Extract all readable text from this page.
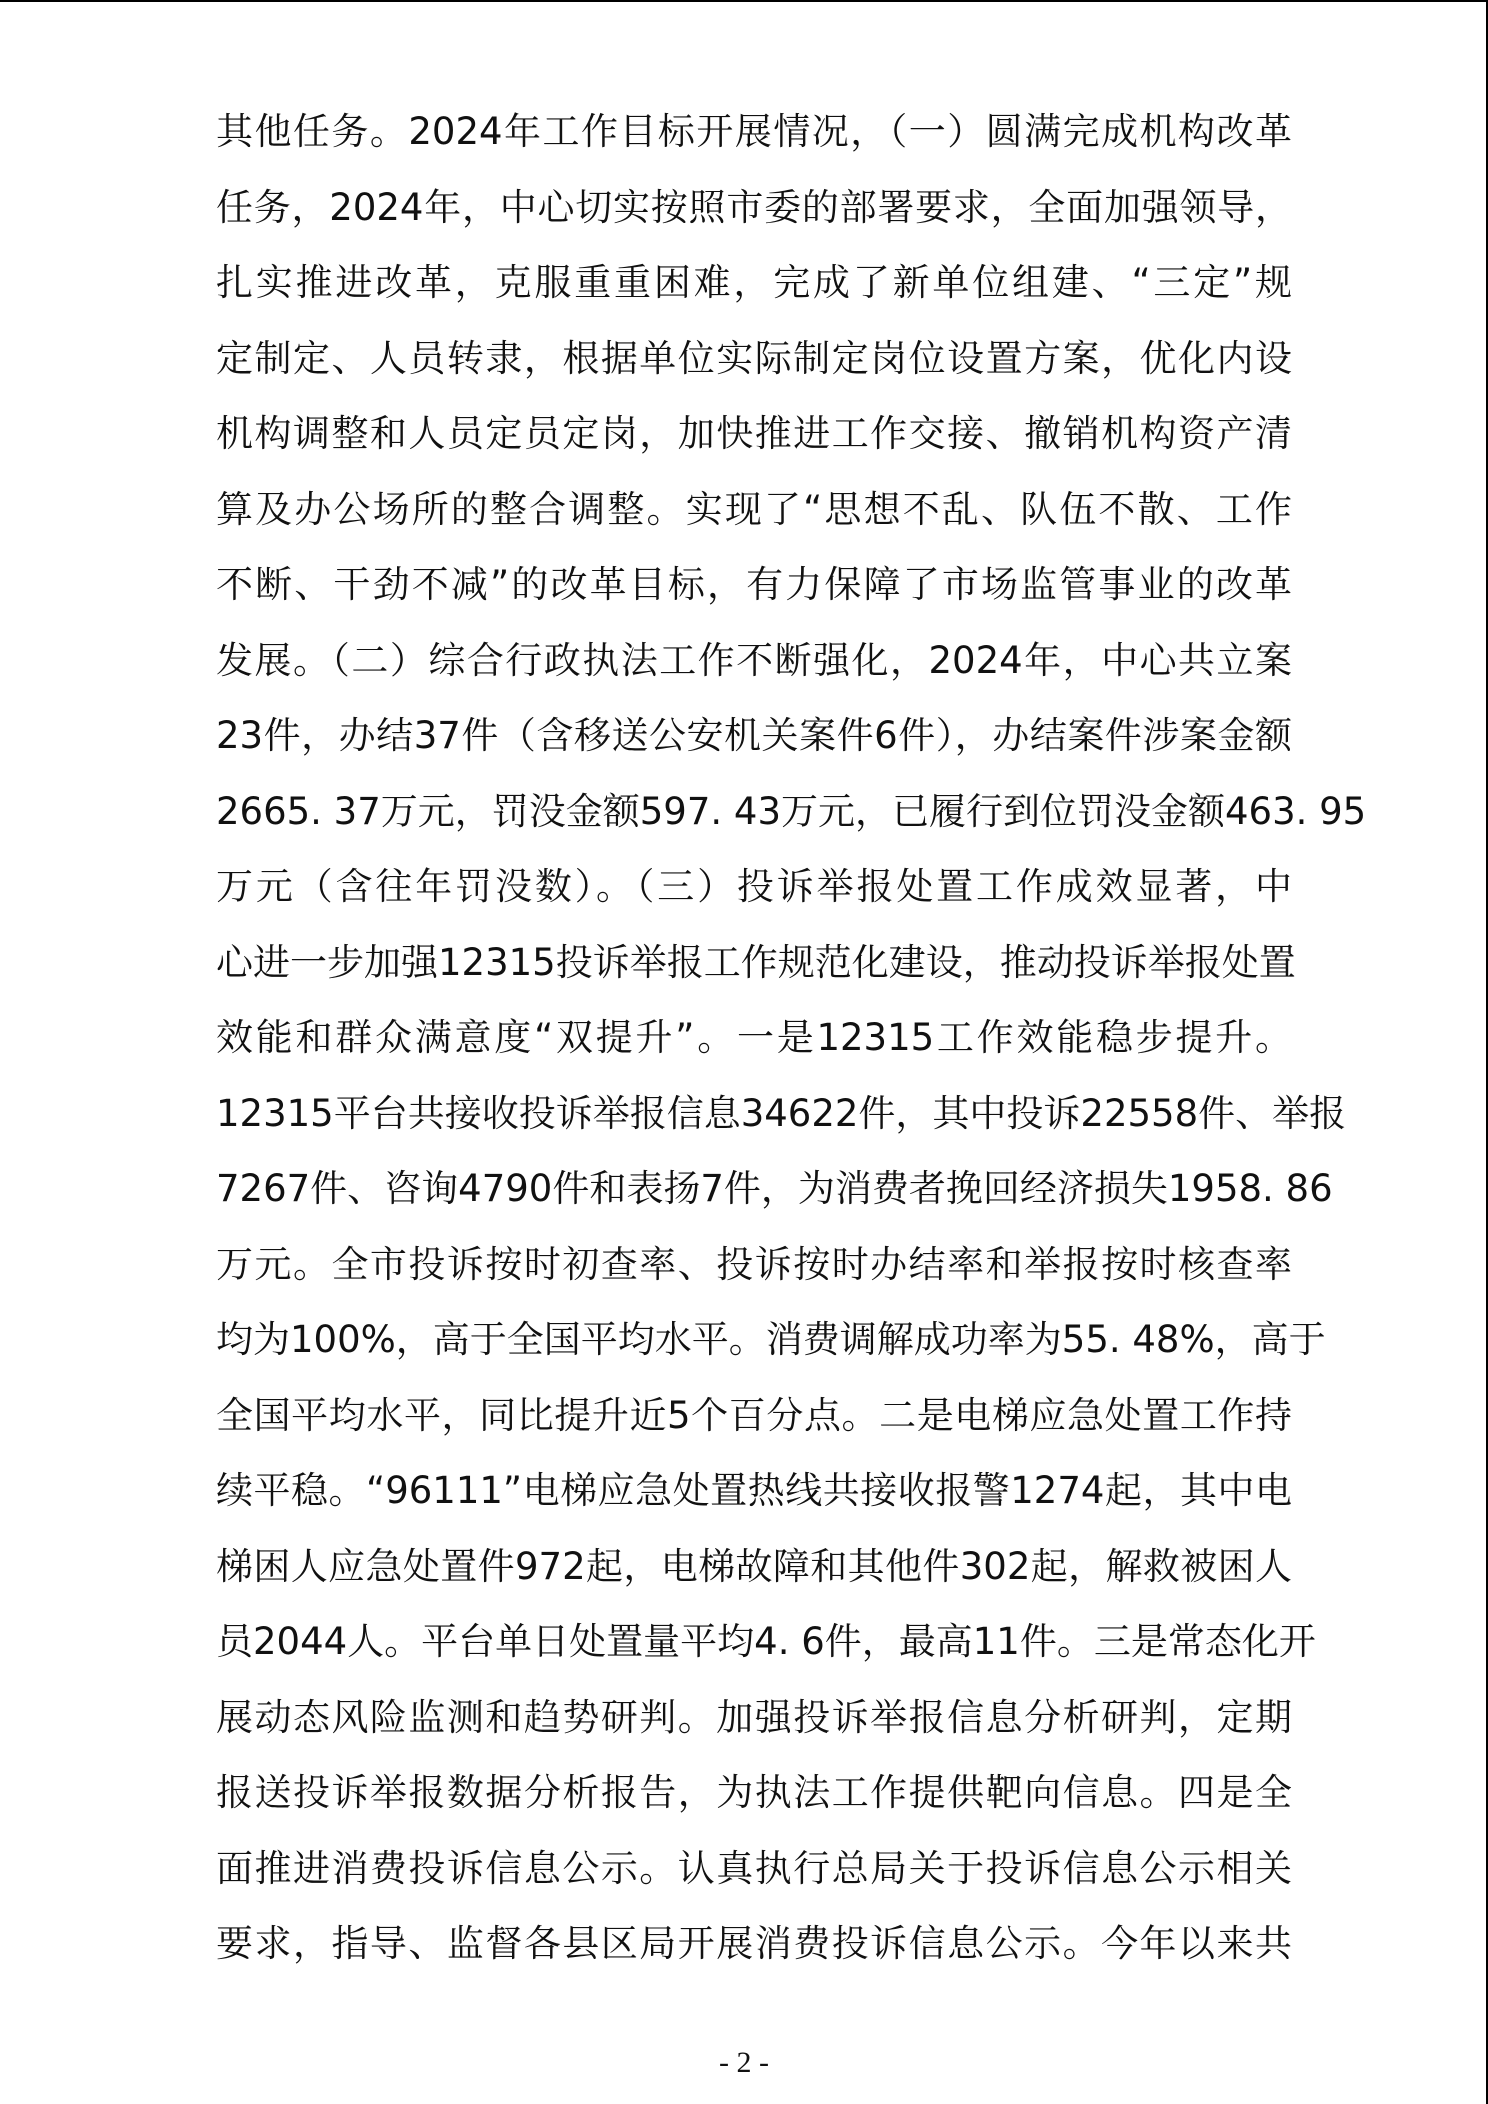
其他任务。2024年工作目标开展情况，（一）圆满完成机构改革
任务，2024年，中心切实按照市委的部署要求，全面加强领导，
扎实推进改革，克服重重困难，完成了新单位组建、“三定”规
定制定、人员转隶，根据单位实际制定岗位设置方案，优化内设
机构调整和人员定员定岗，加快推进工作交接、撤销机构资产清
算及办公场所的整合调整。实现了“思想不乱、队伍不散、工作
不断、干劲不减”的改革目标，有力保障了市场监管事业的改革
发展。（二）综合行政执法工作不断强化，2024年，中心共立案
23件，办结37件（含移送公安机关案件6件），办结案件涉案金额
2665. 37万元，罚没金额597. 43万元，已履行到位罚没金额463. 95
万元（含往年罚没数）。（三）投诉举报处置工作成效显著，中
心进一步加强12315投诉举报工作规范化建设，推动投诉举报处置
效能和群众满意度“双提升”。一是12315工作效能稳步提升。
12315平台共接收投诉举报信息34622件，其中投诉22558件、举报
7267件、咨询4790件和表扬7件，为消费者挽回经济损失1958. 86
万元。全市投诉按时初查率、投诉按时办结率和举报按时核查率
均为100%，高于全国平均水平。消费调解成功率为55. 48%，高于
全国平均水平，同比提升近5个百分点。二是电梯应急处置工作持
续平稳。“96111”电梯应急处置热线共接收报警1274起，其中电
梯困人应急处置件972起，电梯故障和其他件302起，解救被困人
员2044人。平台单日处置量平均4. 6件，最高11件。三是常态化开
展动态风险监测和趋势研判。加强投诉举报信息分析研判，定期
报送投诉举报数据分析报告，为执法工作提供靶向信息。四是全
面推进消费投诉信息公示。认真执行总局关于投诉信息公示相关
要求，指导、监督各县区局开展消费投诉信息公示。今年以来共
- 2 -
